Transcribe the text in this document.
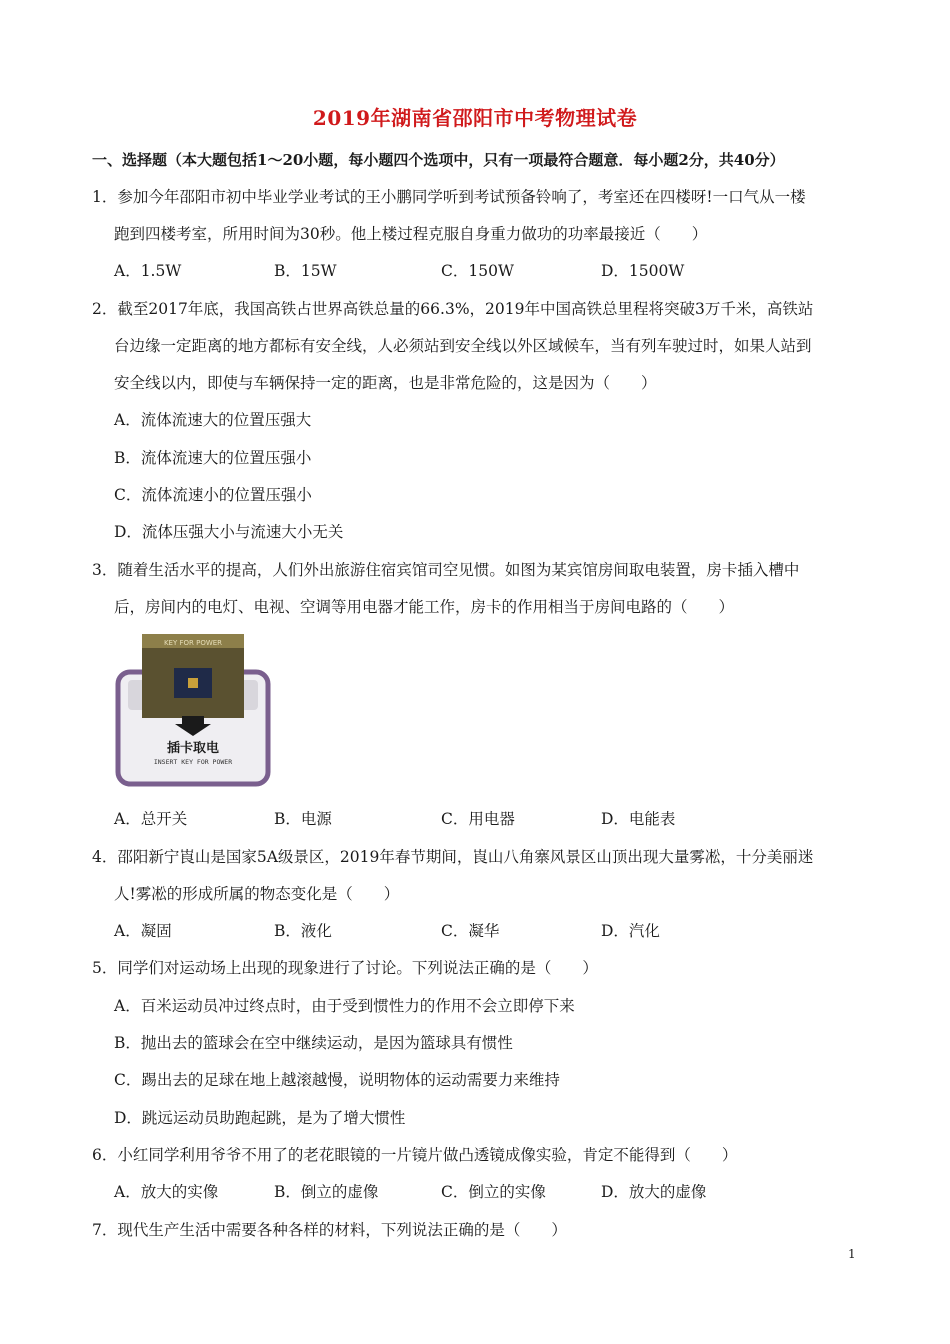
2019年湖南省邵阳市中考物理试卷
一、选择题（本大题包括1～20小题，每小题四个选项中，只有一项最符合题意．每小题2分，共40分）
1．参加今年邵阳市初中毕业学业考试的王小鹏同学听到考试预备铃响了，考室还在四楼呀!一口气从一楼
跑到四楼考室，所用时间为30秒。他上楼过程克服自身重力做功的功率最接近（　　）
A．1.5W	B．15W	C．150W	D．1500W
2．截至2017年底，我国高铁占世界高铁总量的66.3%，2019年中国高铁总里程将突破3万千米，高铁站
台边缘一定距离的地方都标有安全线，人必须站到安全线以外区域候车，当有列车驶过时，如果人站到
安全线以内，即使与车辆保持一定的距离，也是非常危险的，这是因为（　　）
A．流体流速大的位置压强大
B．流体流速大的位置压强小
C．流体流速小的位置压强小
D．流体压强大小与流速大小无关
3．随着生活水平的提高，人们外出旅游住宿宾馆司空见惯。如图为某宾馆房间取电装置，房卡插入槽中
后，房间内的电灯、电视、空调等用电器才能工作，房卡的作用相当于房间电路的（　　）
KEY FOR POWER
插卡取电
INSERT KEY FOR POWER
A．总开关	B．电源	C．用电器	D．电能表
4．邵阳新宁崀山是国家5A级景区，2019年春节期间，崀山八角寨风景区山顶出现大量雾凇，十分美丽迷
人!雾凇的形成所属的物态变化是（　　）
A．凝固	B．液化	C．凝华	D．汽化
5．同学们对运动场上出现的现象进行了讨论。下列说法正确的是（　　）
A．百米运动员冲过终点时，由于受到惯性力的作用不会立即停下来
B．抛出去的篮球会在空中继续运动，是因为篮球具有惯性
C．踢出去的足球在地上越滚越慢，说明物体的运动需要力来维持
D．跳远运动员助跑起跳，是为了增大惯性
6．小红同学利用爷爷不用了的老花眼镜的一片镜片做凸透镜成像实验，肯定不能得到（　　）
A．放大的实像	B．倒立的虚像	C．倒立的实像	D．放大的虚像
7．现代生产生活中需要各种各样的材料，下列说法正确的是（　　）
1
